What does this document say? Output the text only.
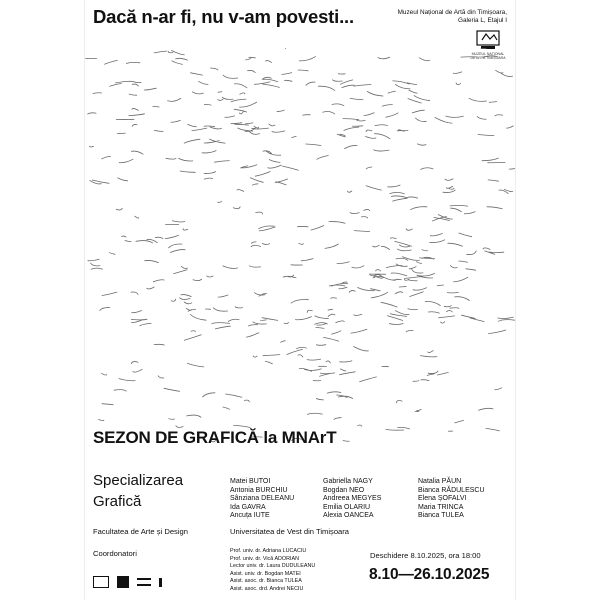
Dacă n-ar fi, nu v-am povesti...	Muzeul Național de Artă din Timișoara,
Galeria L, Etajul I
MUZEUL NAȚIONAL DE ARTĂ TIMIȘOARA
SEZON DE GRAFICĂ la MNArT
Specializarea
Grafică
Matei BUTOI
Antonia BURCHIU
Sânziana DELEANU
Ida GAVRA
Ancuța IUTE
Gabriella NAGY
Bogdan NEO
Andreea MEGYES
Emilia OLARIU
Alexia OANCEA
Natalia PĂUN
Bianca RĂDULESCU
Elena ȘOFALVI
Maria TRINCA
Bianca TULEA
Facultatea de Arte și Design	Universitatea de Vest din Timișoara
Coordonatori	Prof. univ. dr. Adriana LUCACIU
Prof. univ. dr. Vică ADORIAN
Lector univ. dr. Laura DUDULEANU
Asist. univ. dr. Bogdan MATEI
Asist. asoc. dr. Bianca TULEA
Asist. asoc. drd. Andrei NECIU
Deschidere 8.10.2025, ora 18:00
8.10—26.10.2025
